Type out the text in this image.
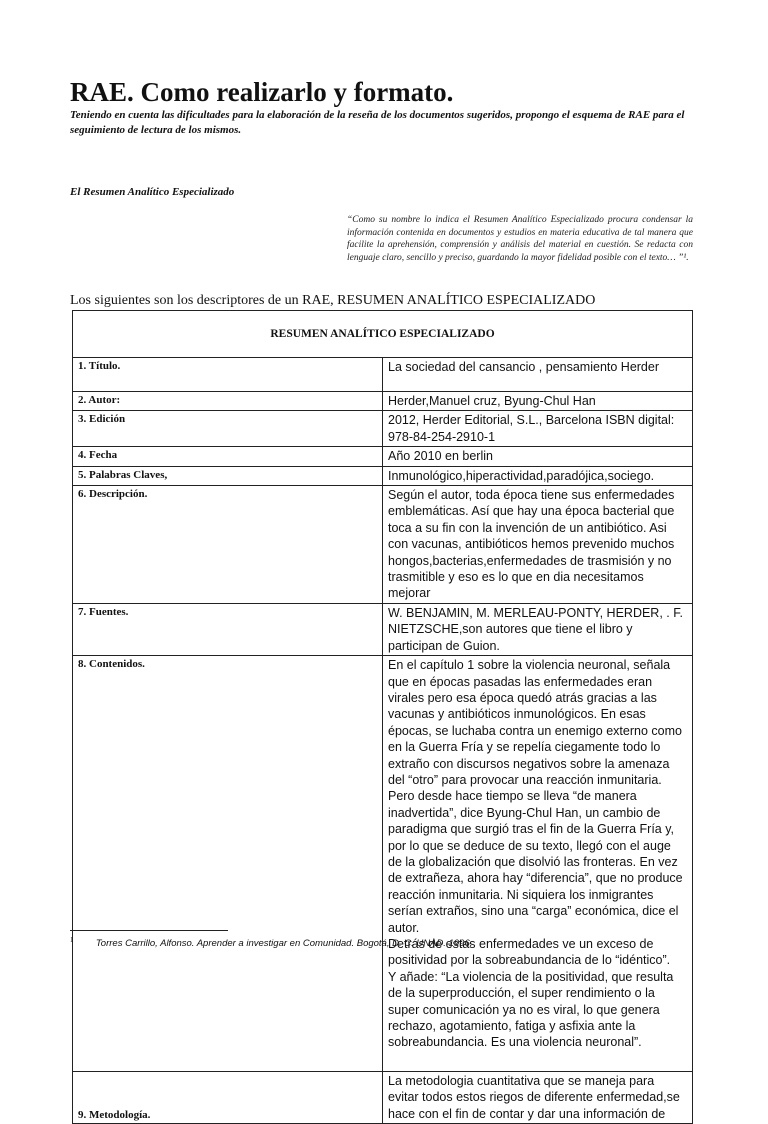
RAE. Como realizarlo y formato.

Teniendo en cuenta las dificultades para la elaboración de la reseña de los documentos sugeridos, propongo el esquema de RAE para el seguimiento de lectura de los mismos.

El Resumen Analítico Especializado

“Como su nombre lo indica el Resumen Analítico Especializado procura condensar la información contenida en documentos y estudios en materia educativa de tal manera que facilite la aprehensión, comprensión y análisis del material en cuestión. Se redacta con lenguaje claro, sencillo y preciso, guardando la mayor fidelidad posible con el texto… ”¹.

Los siguientes son los descriptores de un RAE, RESUMEN ANALÍTICO ESPECIALIZADO

RESUMEN ANALÍTICO ESPECIALIZADO	
1. Título.	La sociedad del cansancio , pensamiento Herder
2. Autor:	Herder,Manuel cruz, Byung-Chul Han
3. Edición	2012, Herder Editorial, S.L., Barcelona ISBN digital: 978-84-254-2910-1
4. Fecha	Año 2010 en berlin
5. Palabras Claves,	Inmunológico,hiperactividad,paradójica,sociego.
6. Descripción.	Según el autor, toda época tiene sus enfermedades emblemáticas. Así que hay una época bacterial que toca a su fin con la invención de un antibiótico. Asi con vacunas, antibióticos hemos prevenido muchos hongos,bacterias,enfermedades de trasmisión y no trasmitible y eso es lo que en dia necesitamos mejorar
7. Fuentes.	W. BENJAMIN, M. MERLEAU-PONTY, HERDER, . F. NIETZSCHE,son autores que tiene el libro y participan de Guion.
8. Contenidos.	En el capítulo 1 sobre la violencia neuronal, señala que en épocas pasadas las enfermedades eran virales pero esa época quedó atrás gracias a las vacunas y antibióticos inmunológicos. En esas épocas, se luchaba contra un enemigo externo como en la Guerra Fría y se repelía ciegamente todo lo extraño con discursos negativos sobre la amenaza del “otro” para provocar una reacción inmunitaria.
Pero desde hace tiempo se lleva “de manera inadvertida”, dice Byung-Chul Han, un cambio de paradigma que surgió tras el fin de la Guerra Fría y, por lo que se deduce de su texto, llegó con el auge de la globalización que disolvió las fronteras. En vez de extrañeza, ahora hay “diferencia”, que no produce reacción inmunitaria. Ni siquiera los inmigrantes serían extraños, sino una “carga” económica, dice el autor.
Detrás de estas enfermedades ve un exceso de positividad por la sobreabundancia de lo “idéntico”.
Y añade: “La violencia de la positividad, que resulta de la superproducción, el super rendimiento o la super comunicación ya no es viral, lo que genera rechazo, agotamiento, fatiga y asfixia ante la sobreabundancia. Es una violencia neuronal”.

9. Metodología.	La metodologia cuantitativa que se maneja para evitar todos estos riegos de diferente enfermedad,se hace con el fin de contar y dar una información de

$^1$ Torres Carrillo, Alfonso. Aprender a investigar en Comunidad. Bogotá, D. C. UNAD. 1996.
